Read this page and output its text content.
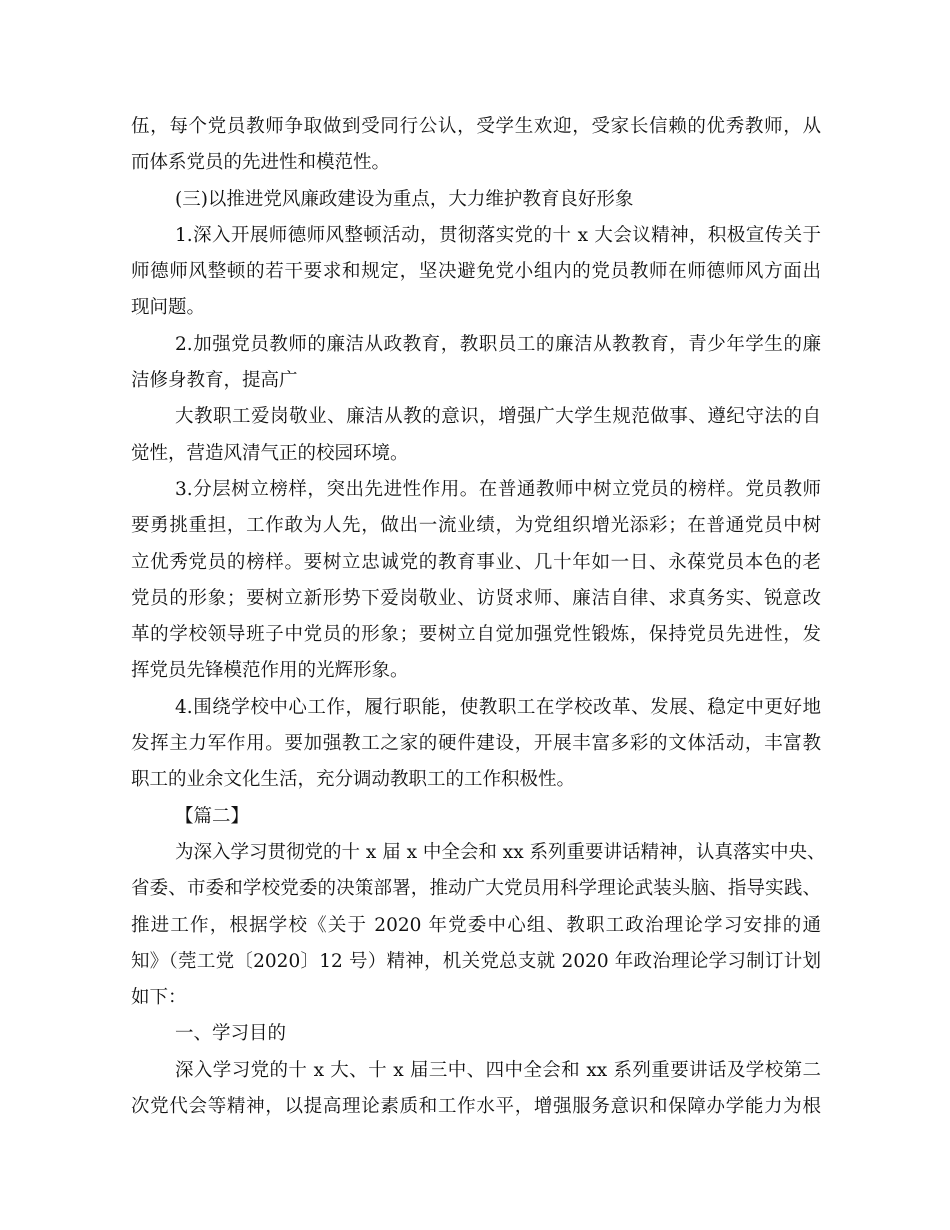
伍，每个党员教师争取做到受同行公认，受学生欢迎，受家长信赖的优秀教师，从
而体系党员的先进性和模范性。
(三)以推进党风廉政建设为重点，大力维护教育良好形象
1.深入开展师德师风整顿活动，贯彻落实党的十 x 大会议精神，积极宣传关于
师德师风整顿的若干要求和规定，坚决避免党小组内的党员教师在师德师风方面出
现问题。
2.加强党员教师的廉洁从政教育，教职员工的廉洁从教教育，青少年学生的廉
洁修身教育，提高广
大教职工爱岗敬业、廉洁从教的意识，增强广大学生规范做事、遵纪守法的自
觉性，营造风清气正的校园环境。
3.分层树立榜样，突出先进性作用。在普通教师中树立党员的榜样。党员教师
要勇挑重担，工作敢为人先，做出一流业绩，为党组织增光添彩；在普通党员中树
立优秀党员的榜样。要树立忠诚党的教育事业、几十年如一日、永葆党员本色的老
党员的形象；要树立新形势下爱岗敬业、访贤求师、廉洁自律、求真务实、锐意改
革的学校领导班子中党员的形象；要树立自觉加强党性锻炼，保持党员先进性，发
挥党员先锋模范作用的光辉形象。
4.围绕学校中心工作，履行职能，使教职工在学校改革、发展、稳定中更好地
发挥主力军作用。要加强教工之家的硬件建设，开展丰富多彩的文体活动，丰富教
职工的业余文化生活，充分调动教职工的工作积极性。
【篇二】
为深入学习贯彻党的十 x 届 x 中全会和 xx 系列重要讲话精神，认真落实中央、
省委、市委和学校党委的决策部署，推动广大党员用科学理论武装头脑、指导实践、
推进工作，根据学校《关于 2020 年党委中心组、教职工政治理论学习安排的通
知》（莞工党〔2020〕12 号）精神，机关党总支就 2020 年政治理论学习制订计划
如下：
一、学习目的
深入学习党的十 x 大、十 x 届三中、四中全会和 xx 系列重要讲话及学校第二
次党代会等精神，以提高理论素质和工作水平，增强服务意识和保障办学能力为根
